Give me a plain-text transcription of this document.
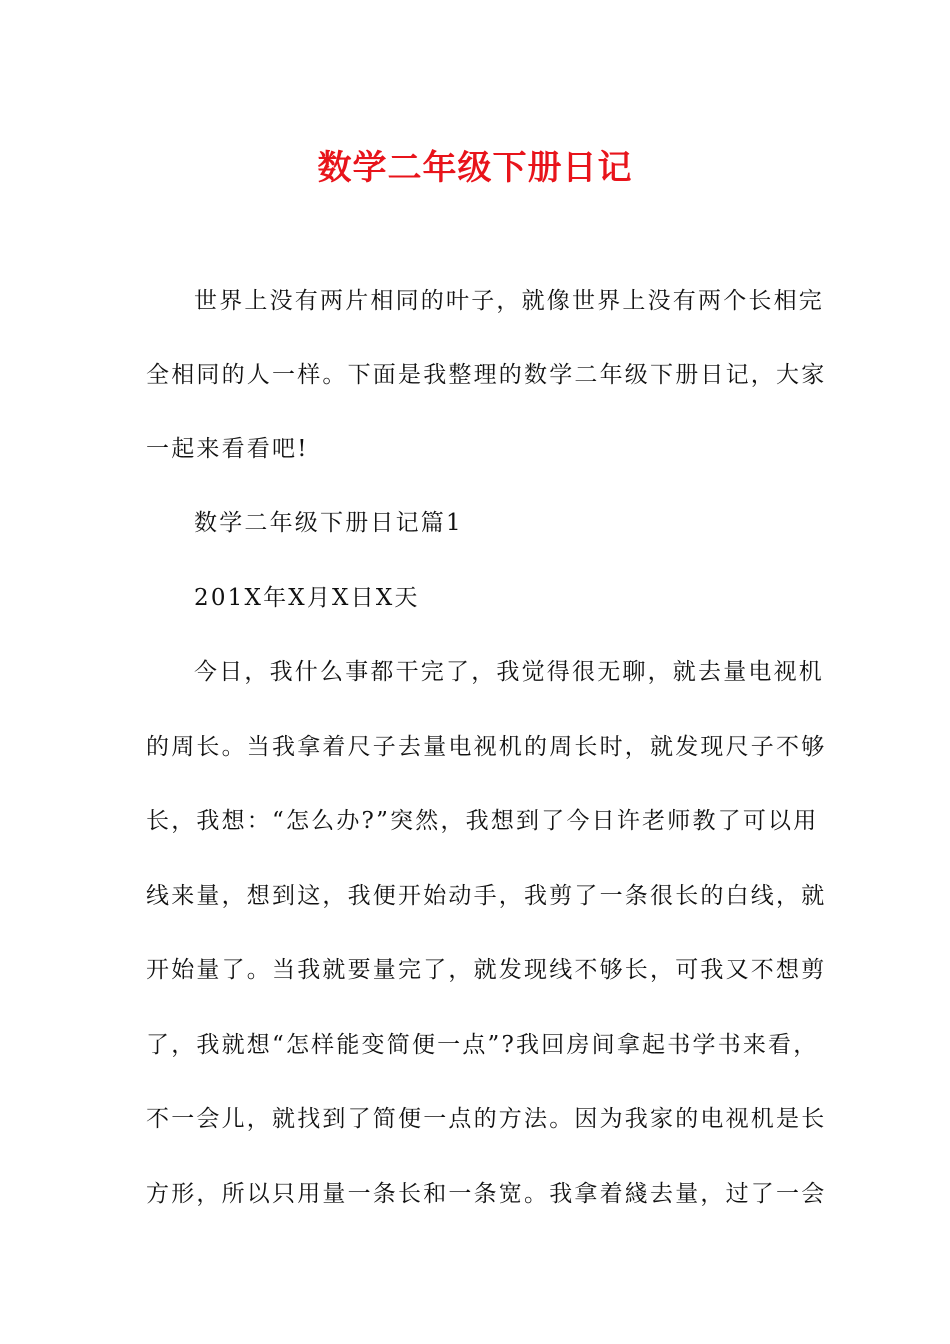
数学二年级下册日记
世界上没有两片相同的叶子，就像世界上没有两个长相完
全相同的人一样。下面是我整理的数学二年级下册日记，大家
一起来看看吧!
数学二年级下册日记篇1
201X年X月X日X天
今日，我什么事都干完了，我觉得很无聊，就去量电视机
的周长。当我拿着尺子去量电视机的周长时，就发现尺子不够
长，我想：“怎么办?”突然，我想到了今日许老师教了可以用
线来量，想到这，我便开始动手，我剪了一条很长的白线，就
开始量了。当我就要量完了，就发现线不够长，可我又不想剪
了，我就想“怎样能变简便一点”?我回房间拿起书学书来看，
不一会儿，就找到了简便一点的方法。因为我家的电视机是长
方形，所以只用量一条长和一条宽。我拿着綫去量，过了一会
